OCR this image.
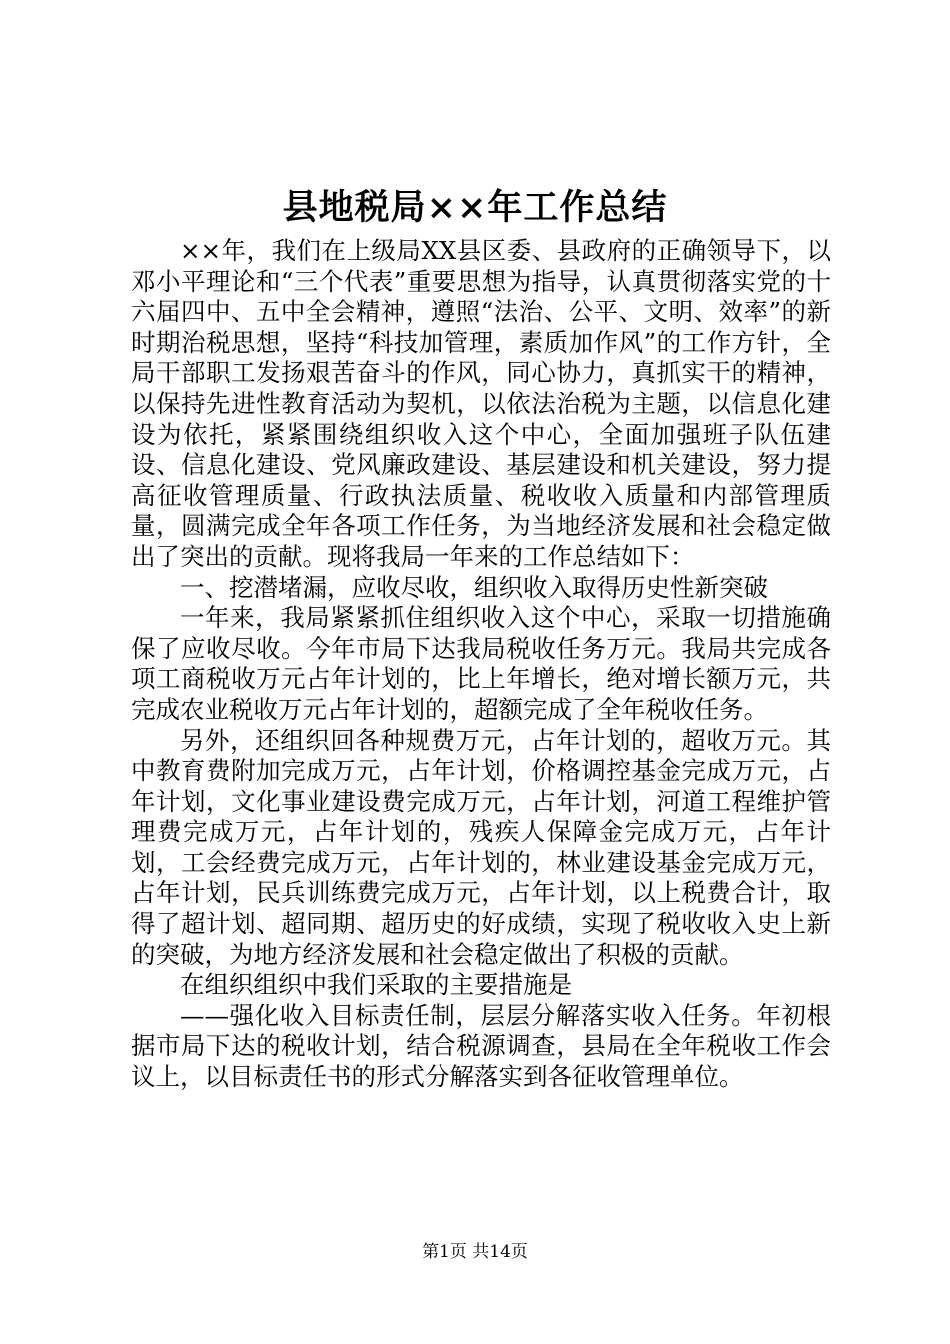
县地税局××年工作总结

××年，我们在上级局XX县区委、县政府的正确领导下，以邓小平理论和“三个代表”重要思想为指导，认真贯彻落实党的十六届四中、五中全会精神，遵照“法治、公平、文明、效率”的新时期治税思想，坚持“科技加管理，素质加作风”的工作方针，全局干部职工发扬艰苦奋斗的作风，同心协力，真抓实干的精神，以保持先进性教育活动为契机，以依法治税为主题，以信息化建设为依托，紧紧围绕组织收入这个中心，全面加强班子队伍建设、信息化建设、党风廉政建设、基层建设和机关建设，努力提高征收管理质量、行政执法质量、税收收入质量和内部管理质量，圆满完成全年各项工作任务，为当地经济发展和社会稳定做出了突出的贡献。现将我局一年来的工作总结如下：

一、挖潜堵漏，应收尽收，组织收入取得历史性新突破

一年来，我局紧紧抓住组织收入这个中心，采取一切措施确保了应收尽收。今年市局下达我局税收任务万元。我局共完成各项工商税收万元占年计划的，比上年增长，绝对增长额万元，共完成农业税收万元占年计划的，超额完成了全年税收任务。

另外，还组织回各种规费万元，占年计划的，超收万元。其中教育费附加完成万元，占年计划，价格调控基金完成万元，占年计划，文化事业建设费完成万元，占年计划，河道工程维护管理费完成万元，占年计划的，残疾人保障金完成万元，占年计划，工会经费完成万元，占年计划的，林业建设基金完成万元，占年计划，民兵训练费完成万元，占年计划，以上税费合计，取得了超计划、超同期、超历史的好成绩，实现了税收收入史上新的突破，为地方经济发展和社会稳定做出了积极的贡献。

在组织组织中我们采取的主要措施是

——强化收入目标责任制，层层分解落实收入任务。年初根据市局下达的税收计划，结合税源调查，县局在全年税收工作会议上，以目标责任书的形式分解落实到各征收管理单位。

第1页 共14页
